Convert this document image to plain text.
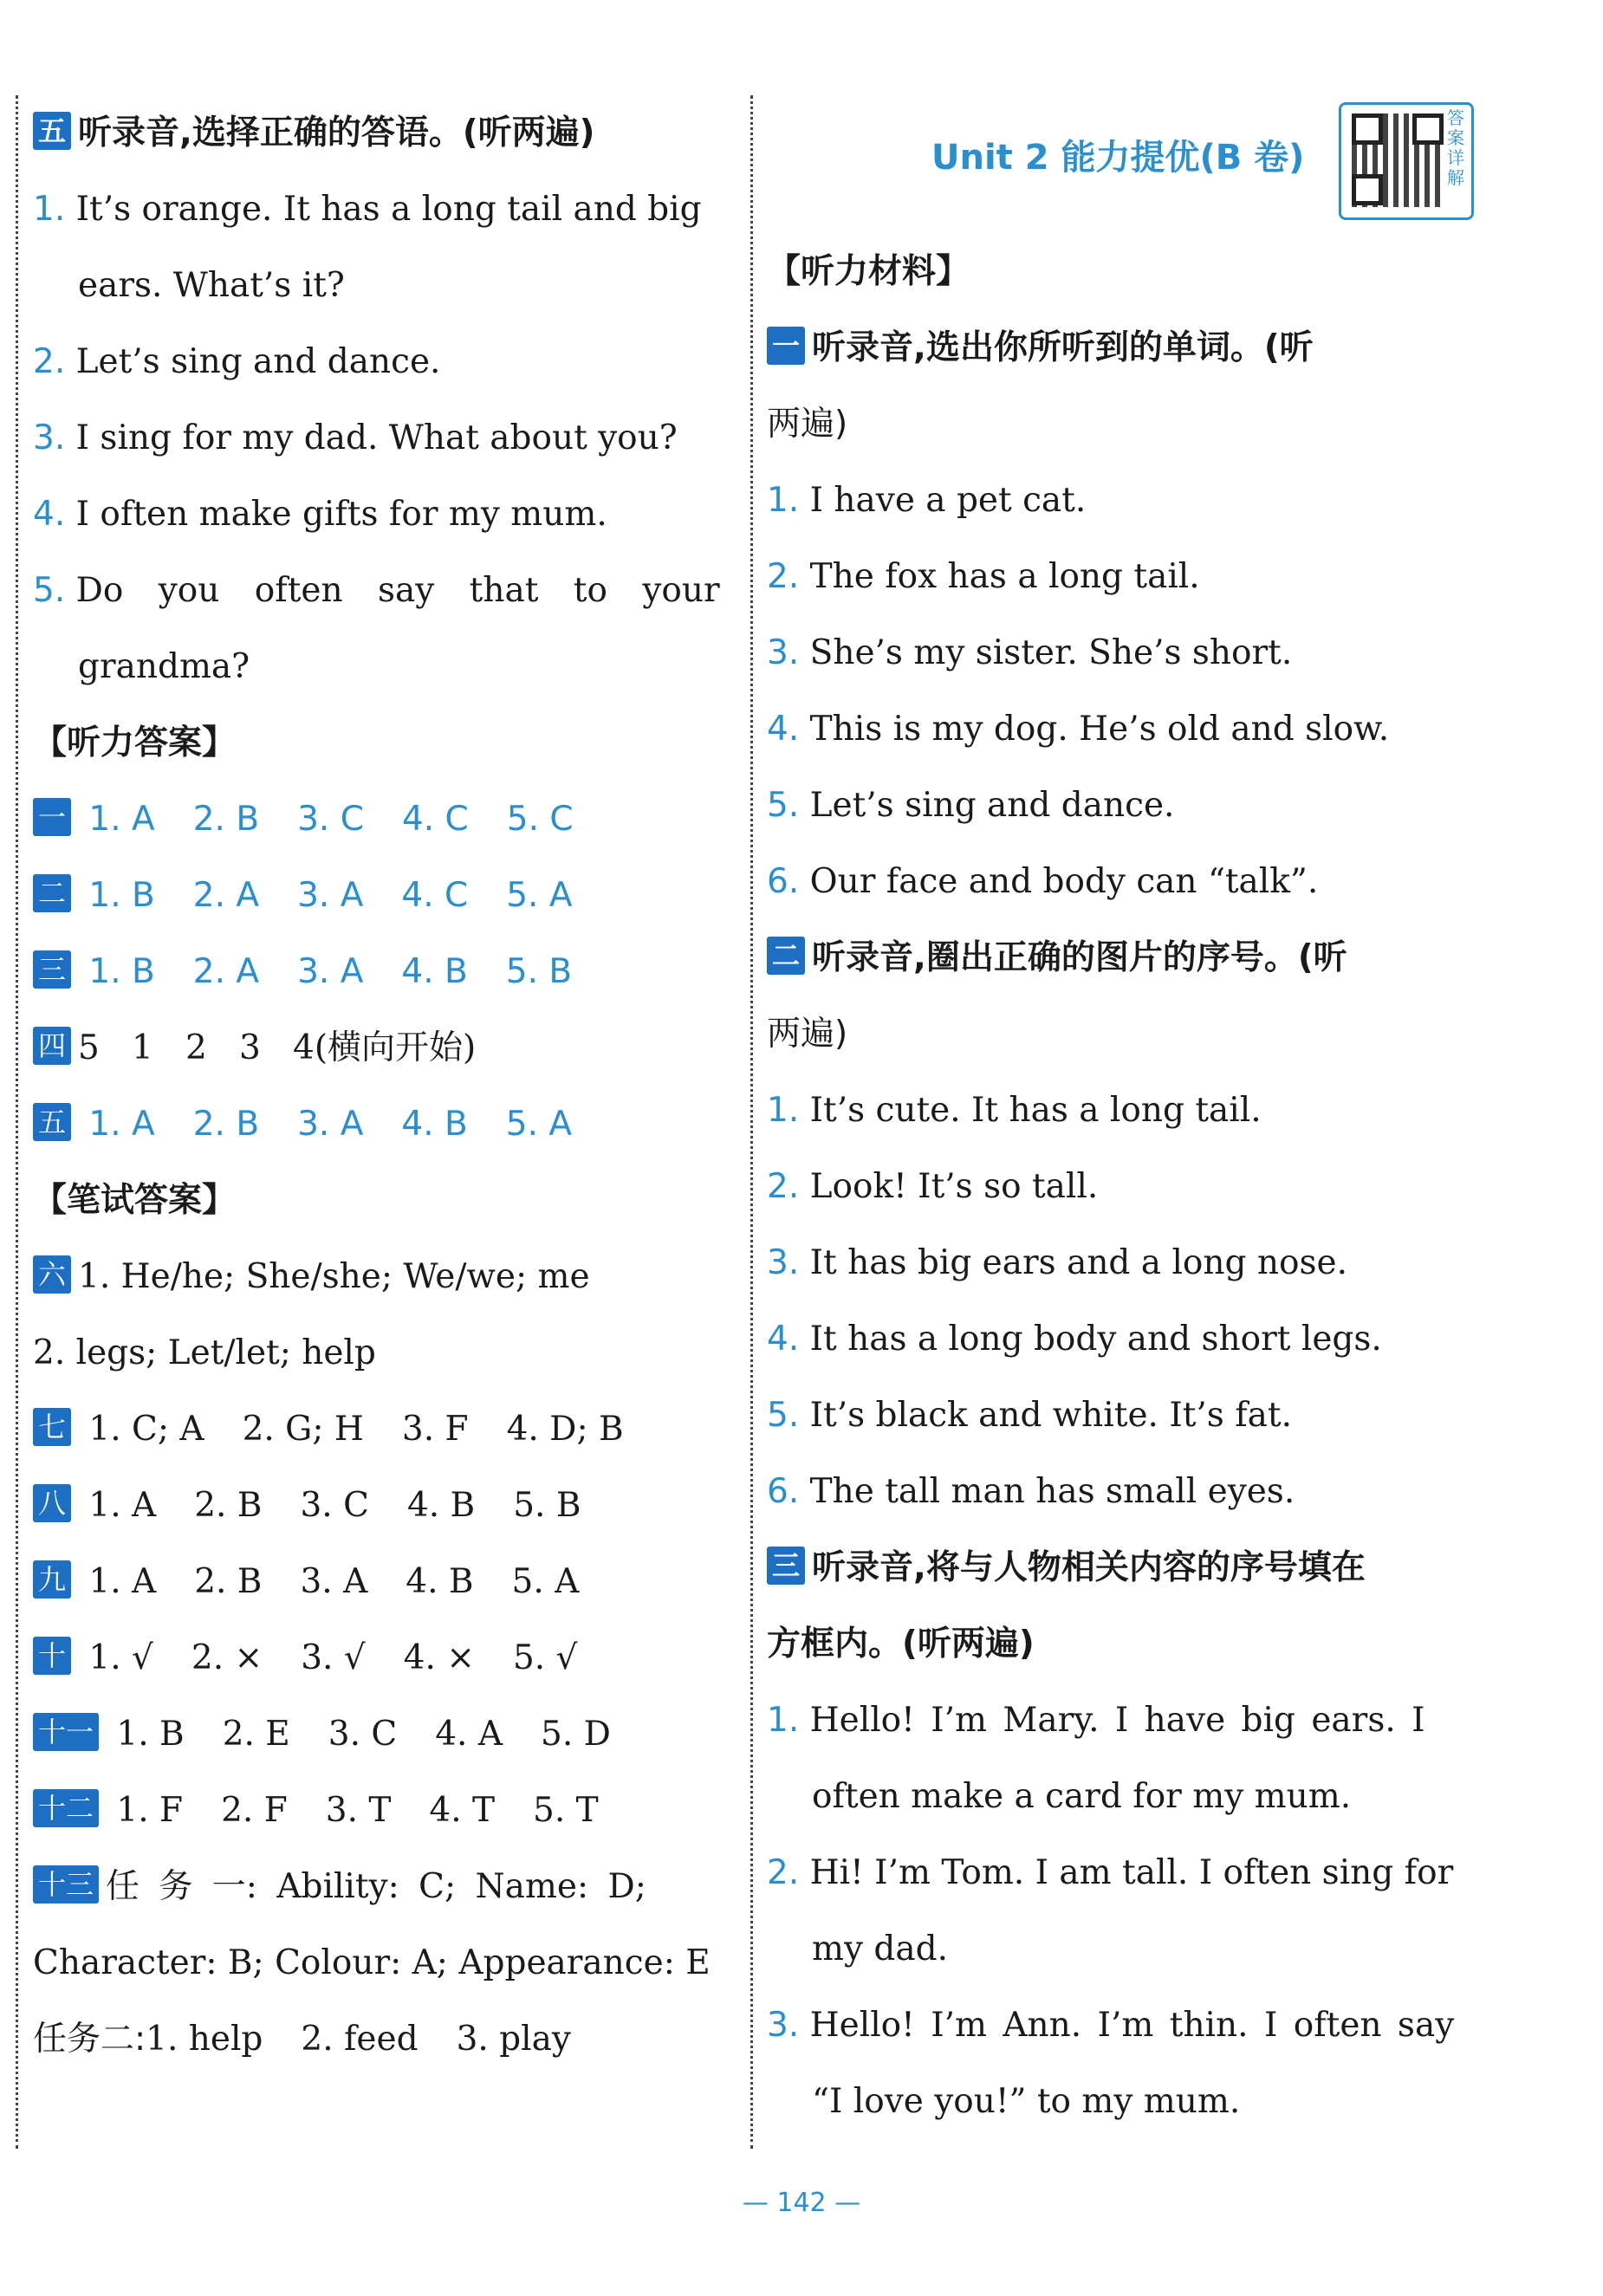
五 听录音,选择正确的答语。(听两遍)
1. It’s orange. It has a long tail and big
ears. What’s it?
2. Let’s sing and dance.
3. I sing for my dad. What about you?
4. I often make gifts for my mum.
5. Do you often say that to your
grandma?
【听力答案】
一 1. A 2. B 3. C 4. C 5. C
二 1. B 2. A 3. A 4. C 5. A
三 1. B 2. A 3. A 4. B 5. B
四 5   1   2   3   4(横向开始)
五 1. A 2. B 3. A 4. B 5. A
【笔试答案】
六 1. He/he; She/she; We/we; me
2. legs; Let/let; help
七 1. C; A 2. G; H 3. F 4. D; B
八 1. A 2. B 3. C 4. B 5. B
九 1. A 2. B 3. A 4. B 5. A
十 1. √ 2. × 3. √ 4. × 5. √
十一 1. B 2. E 3. C 4. A 5. D
十二 1. F 2. F 3. T 4. T 5. T
十三 任 务 一: Ability: C; Name: D;
Character: B; Colour: A; Appearance: E
任务二:1. help 2. feed 3. play
Unit 2 能力提优(B 卷)
答案详解
【听力材料】
一 听录音,选出你所听到的单词。(听
两遍)
1. I have a pet cat.
2. The fox has a long tail.
3. She’s my sister. She’s short.
4. This is my dog. He’s old and slow.
5. Let’s sing and dance.
6. Our face and body can “talk”.
二 听录音,圈出正确的图片的序号。(听
两遍)
1. It’s cute. It has a long tail.
2. Look! It’s so tall.
3. It has big ears and a long nose.
4. It has a long body and short legs.
5. It’s black and white. It’s fat.
6. The tall man has small eyes.
三 听录音,将与人物相关内容的序号填在
方框内。(听两遍)
1. Hello! I’m Mary. I have big ears. I
often make a card for my mum.
2. Hi! I’m Tom. I am tall. I often sing for
my dad.
3. Hello! I’m Ann. I’m thin. I often say
“I love you!” to my mum.
— 142 —
